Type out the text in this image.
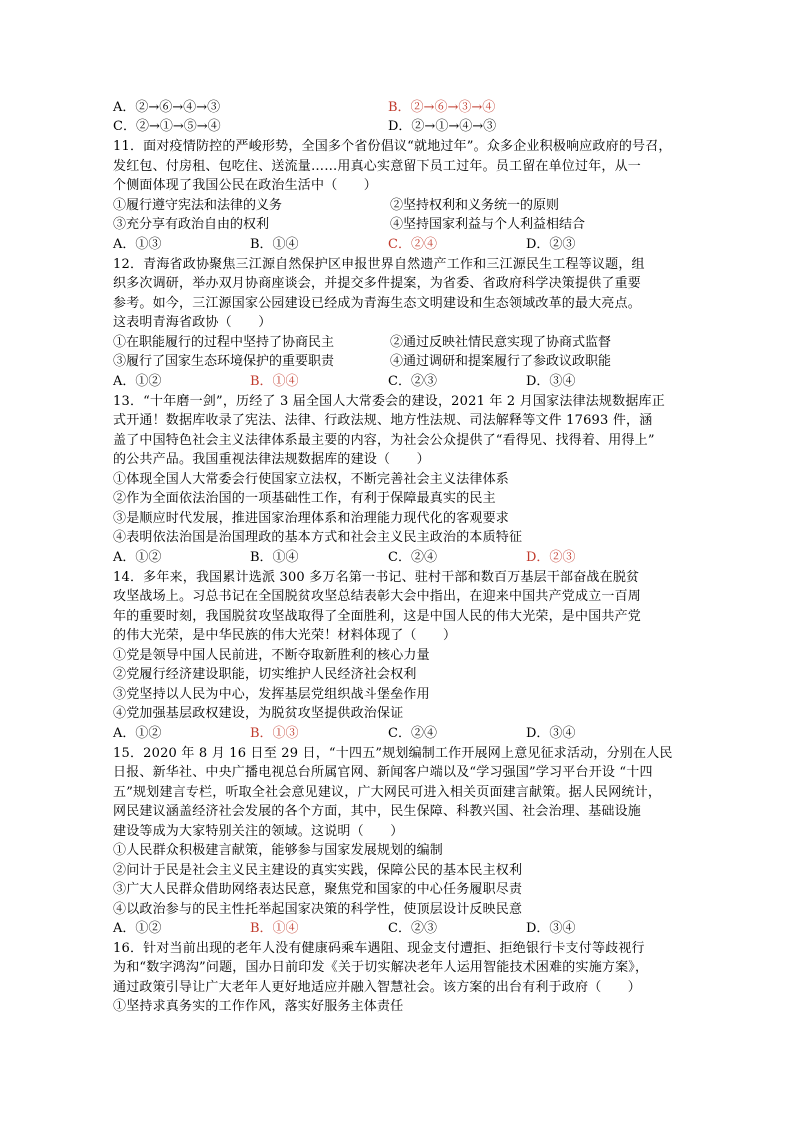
A．②→⑥→④→③	B．②→⑥→③→④
C．②→①→⑤→④	D．②→①→④→③
11．面对疫情防控的严峻形势，全国多个省份倡议“就地过年”。众多企业积极响应政府的号召，
发红包、付房租、包吃住、送流量……用真心实意留下员工过年。员工留在单位过年，从一
个侧面体现了我国公民在政治生活中（　　）
①履行遵守宪法和法律的义务	②坚持权利和义务统一的原则
③充分享有政治自由的权利	④坚持国家利益与个人利益相结合
A．①③	B．①④	C．②④	D．②③
12．青海省政协聚焦三江源自然保护区申报世界自然遗产工作和三江源民生工程等议题，组
织多次调研，举办双月协商座谈会，并提交多件提案，为省委、省政府科学决策提供了重要
参考。如今，三江源国家公园建设已经成为青海生态文明建设和生态领域改革的最大亮点。
这表明青海省政协（　　）
①在职能履行的过程中坚持了协商民主	②通过反映社情民意实现了协商式监督
③履行了国家生态环境保护的重要职责	④通过调研和提案履行了参政议政职能
A．①②	B．①④	C．②③	D．③④
13．“十年磨一剑”，历经了 3 届全国人大常委会的建设，2021 年 2 月国家法律法规数据库正
式开通！数据库收录了宪法、法律、行政法规、地方性法规、司法解释等文件 17693 件，涵
盖了中国特色社会主义法律体系最主要的内容，为社会公众提供了“看得见、找得着、用得上”
的公共产品。我国重视法律法规数据库的建设（　　）
①体现全国人大常委会行使国家立法权，不断完善社会主义法律体系
②作为全面依法治国的一项基础性工作，有利于保障最真实的民主
③是顺应时代发展，推进国家治理体系和治理能力现代化的客观要求
④表明依法治国是治国理政的基本方式和社会主义民主政治的本质特征
A．①②	B．①④	C．②④	D．②③
14．多年来，我国累计选派 300 多万名第一书记、驻村干部和数百万基层干部奋战在脱贫
攻坚战场上。习总书记在全国脱贫攻坚总结表彰大会中指出，在迎来中国共产党成立一百周
年的重要时刻，我国脱贫攻坚战取得了全面胜利，这是中国人民的伟大光荣，是中国共产党
的伟大光荣，是中华民族的伟大光荣！材料体现了（　　）
①党是领导中国人民前进，不断夺取新胜利的核心力量
②党履行经济建设职能，切实维护人民经济社会权利
③党坚持以人民为中心，发挥基层党组织战斗堡垒作用
④党加强基层政权建设，为脱贫攻坚提供政治保证
A．①②	B．①③	C．②④	D．③④
15．2020 年 8 月 16 日至 29 日，“十四五”规划编制工作开展网上意见征求活动，分别在人民
日报、新华社、中央广播电视总台所属官网、新闻客户端以及“学习强国”学习平台开设 “十四
五”规划建言专栏，听取全社会意见建议，广大网民可进入相关页面建言献策。据人民网统计，
网民建议涵盖经济社会发展的各个方面，其中，民生保障、科教兴国、社会治理、基础设施
建设等成为大家特别关注的领域。这说明（　　）
①人民群众积极建言献策，能够参与国家发展规划的编制
②问计于民是社会主义民主建设的真实实践，保障公民的基本民主权利
③广大人民群众借助网络表达民意，聚焦党和国家的中心任务履职尽责
④以政治参与的民主性托举起国家决策的科学性，使顶层设计反映民意
A．①②	B．①④	C．②③	D．③④
16．针对当前出现的老年人没有健康码乘车遇阻、现金支付遭拒、拒绝银行卡支付等歧视行
为和“数字鸿沟”问题，国办日前印发《关于切实解决老年人运用智能技术困难的实施方案》，
通过政策引导让广大老年人更好地适应并融入智慧社会。该方案的出台有利于政府（　　）
①坚持求真务实的工作作风，落实好服务主体责任
